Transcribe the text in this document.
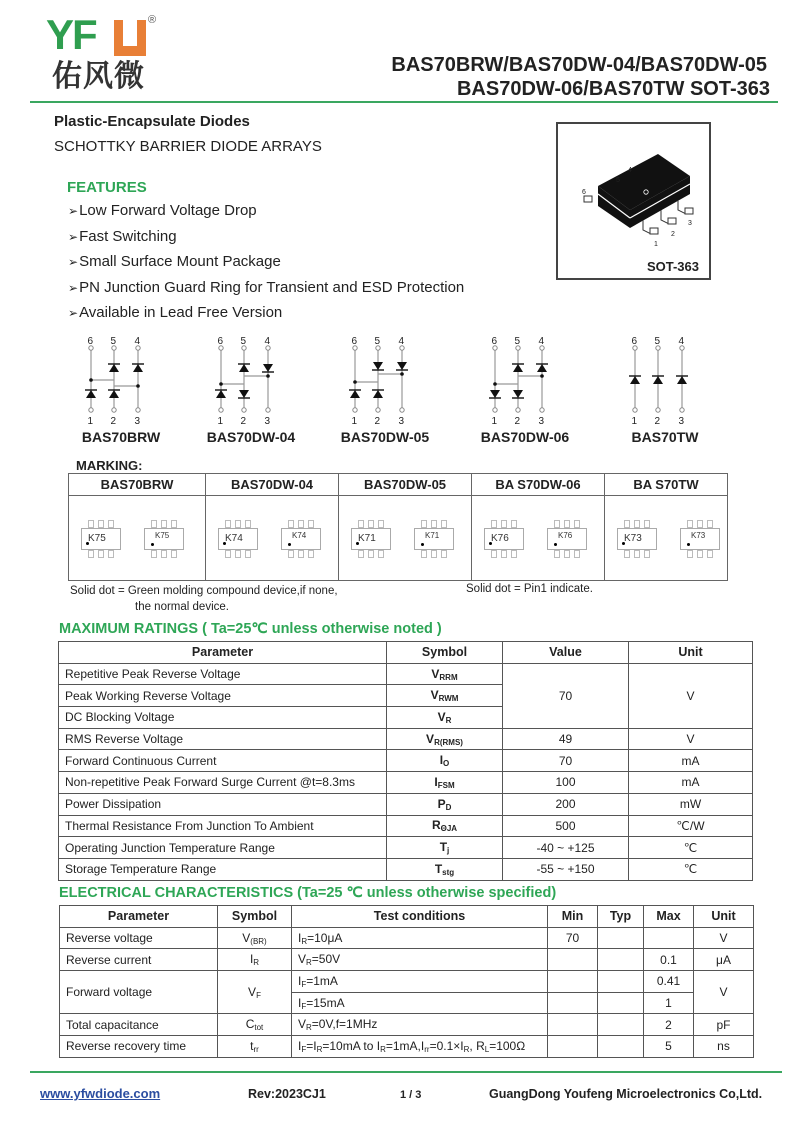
YF	®
佑风微	BAS70BRW/BAS70DW-04/BAS70DW-05
BAS70DW-06/BAS70TW SOT-363
Plastic-Encapsulate Diodes
SCHOTTKY BARRIER DIODE ARRAYS
FEATURES
➢Low Forward Voltage Drop
➢Fast Switching
➢Small Surface Mount Package
➢PN Junction Guard Ring for Transient and ESD Protection
➢Available in Lead Free Version
1
2
3
4
5
6
SOT-363
6 5 4
1 2 3
BAS70BRW
6 5 4
1 2 3
BAS70DW-04
6 5 4
1 2 3
BAS70DW-05
6 5 4
1 2 3
BAS70DW-06
6 5 4
1 2 3
BAS70TW
MARKING:
BAS70BRW	BAS70DW-04	BAS70DW-05	BA S70DW-06	BA S70TW
K75	K75	K74	K74	K71	K71	K76	K76	K73	K73
Solid dot = Green molding compound device,if none,
the normal device.
Solid dot = Pin1 indicate.
MAXIMUM RATINGS ( Ta=25℃ unless otherwise noted )
Parameter	Symbol	Value	Unit
Repetitive Peak Reverse Voltage	$V_{RRM}$	70	V
Peak Working Reverse Voltage	$V_{RWM}$
DC Blocking Voltage	$V_R$
RMS Reverse Voltage	$V_{R(RMS)}$	49	V
Forward Continuous Current	$I_O$	70	mA
Non-repetitive Peak Forward Surge Current @t=8.3ms	$I_{FSM}$	100	mA
Power Dissipation	$P_D$	200	mW
Thermal Resistance From Junction To Ambient	$R_{\Theta JA}$	500	℃/W
Operating Junction Temperature Range	$T_j$	-40 ~ +125	℃
Storage Temperature Range	$T_{stg}$	-55 ~ +150	℃
ELECTRICAL CHARACTERISTICS (Ta=25 ℃ unless otherwise specified)
Parameter	Symbol	Test conditions	Min	Typ	Max	Unit
Reverse voltage	$V_{(BR)}$	$I_R=10\mu A$	70			V
Reverse current	$I_R$	$V_R=50V$			0.1	μA
Forward voltage	$V_F$	$I_F=1mA$			0.41	V
		$I_F=15mA$			1	
Total capacitance	$C_{tot}$	$V_R=0V,f=1MHz$			2	pF
Reverse recovery time	$t_{rr}$	$I_F=I_R=10mA$ to $I_R=1mA,I_{rr}=0.1\times I_R$, $R_L=100\Omega$			5	ns
www.yfwdiode.com	Rev:2023CJ1	1 / 3	GuangDong Youfeng Microelectronics Co,Ltd.
